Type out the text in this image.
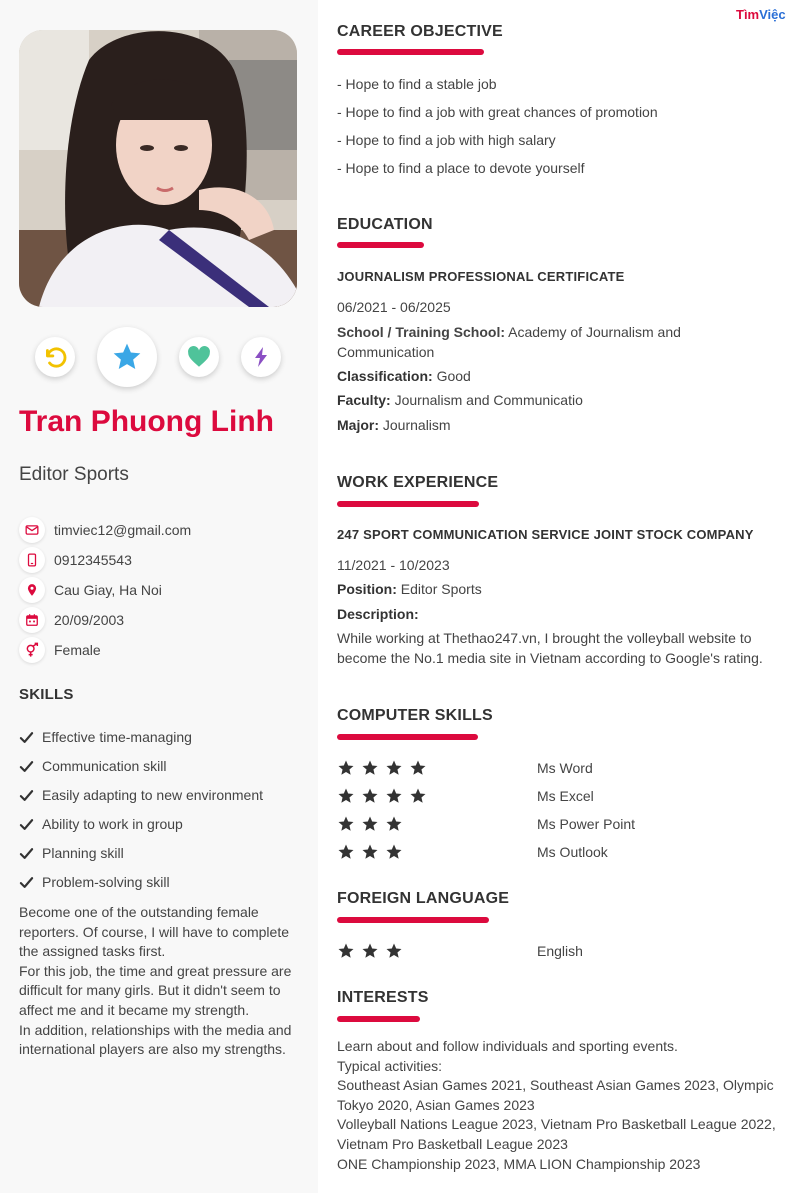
Tran Phuong Linh
Editor Sports
timviec12@gmail.com
0912345543
Cau Giay, Ha Noi
20/09/2003
Female
SKILLS
Effective time-managing
Communication skill
Easily adapting to new environment
Ability to work in group
Planning skill
Problem-solving skill

Become one of the outstanding female reporters. Of course, I will have to complete the assigned tasks first.

For this job, the time and great pressure are difficult for many girls. But it didn't seem to affect me and it became my strength.

In addition, relationships with the media and international players are also my strengths.

TìmViệc
CAREER OBJECTIVE
- Hope to find a stable job
- Hope to find a job with great chances of promotion
- Hope to find a job with high salary
- Hope to find a place to devote yourself
EDUCATION
JOURNALISM PROFESSIONAL CERTIFICATE
06/2021 - 06/2025
School / Training School: Academy of Journalism and
Communication
Classification: Good
Faculty: Journalism and Communicatio
Major: Journalism
WORK EXPERIENCE
247 SPORT COMMUNICATION SERVICE JOINT STOCK COMPANY
11/2021 - 10/2023
Position: Editor Sports
Description:
While working at Thethao247.vn, I brought the volleyball website to become the No.1 media site in Vietnam according to Google's rating.
COMPUTER SKILLS
Ms Word
Ms Excel
Ms Power Point
Ms Outlook
FOREIGN LANGUAGE
English
INTERESTS
Learn about and follow individuals and sporting events.
Typical activities:
Southeast Asian Games 2021, Southeast Asian Games 2023, Olympic Tokyo 2020, Asian Games 2023
Volleyball Nations League 2023, Vietnam Pro Basketball League 2022, Vietnam Pro Basketball League 2023
ONE Championship 2023, MMA LION Championship 2023
